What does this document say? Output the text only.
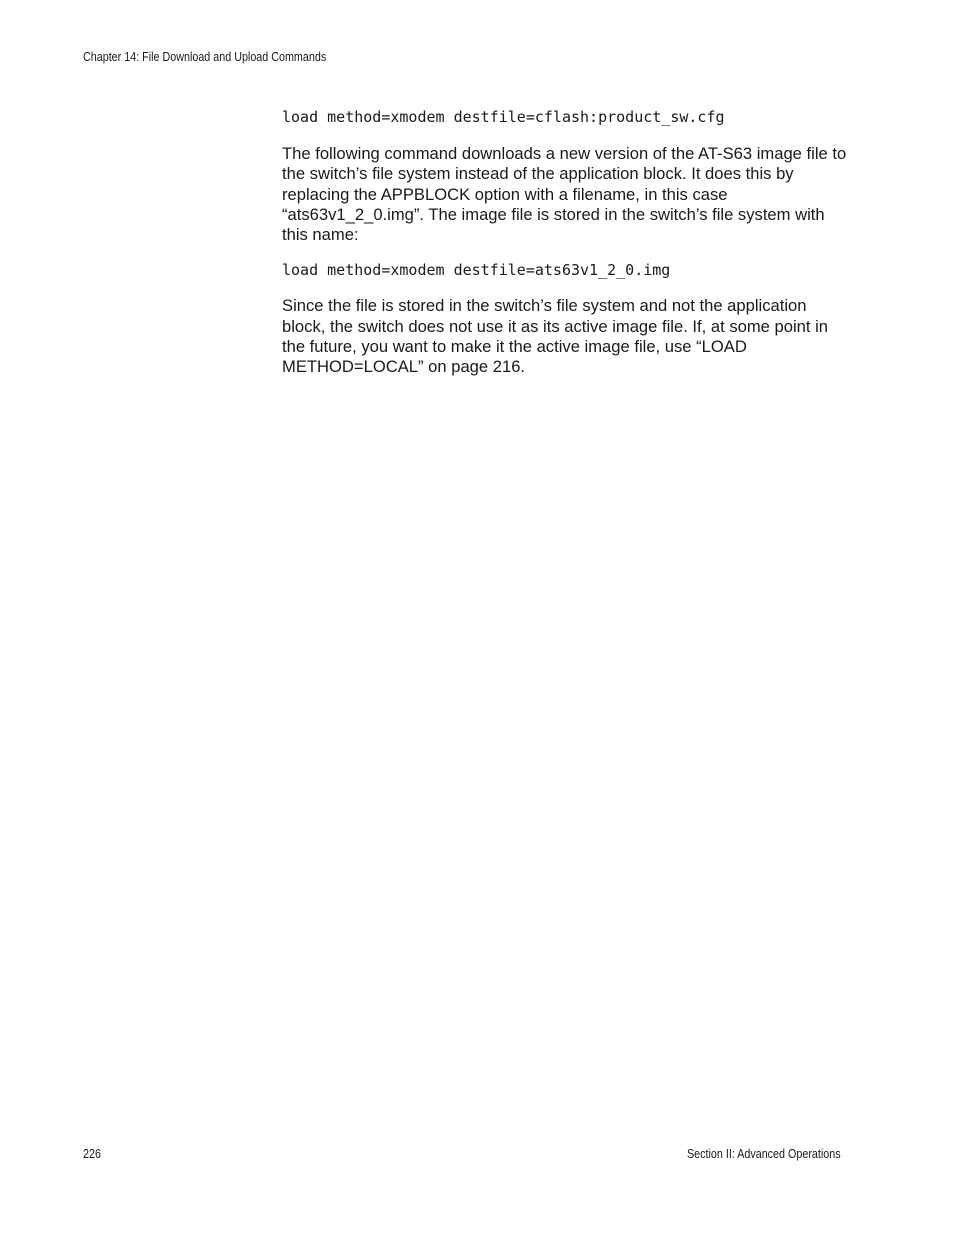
Chapter 14: File Download and Upload Commands
load method=xmodem destfile=cflash:product_sw.cfg

The following command downloads a new version of the AT-S63 image file to the switch’s file system instead of the application block. It does this by replacing the APPBLOCK option with a filename, in this case “ats63v1_2_0.img”. The image file is stored in the switch’s file system with this name:

load method=xmodem destfile=ats63v1_2_0.img

Since the file is stored in the switch’s file system and not the application block, the switch does not use it as its active image file. If, at some point in the future, you want to make it the active image file, use “LOAD METHOD=LOCAL” on page 216.

226	Section II: Advanced Operations
